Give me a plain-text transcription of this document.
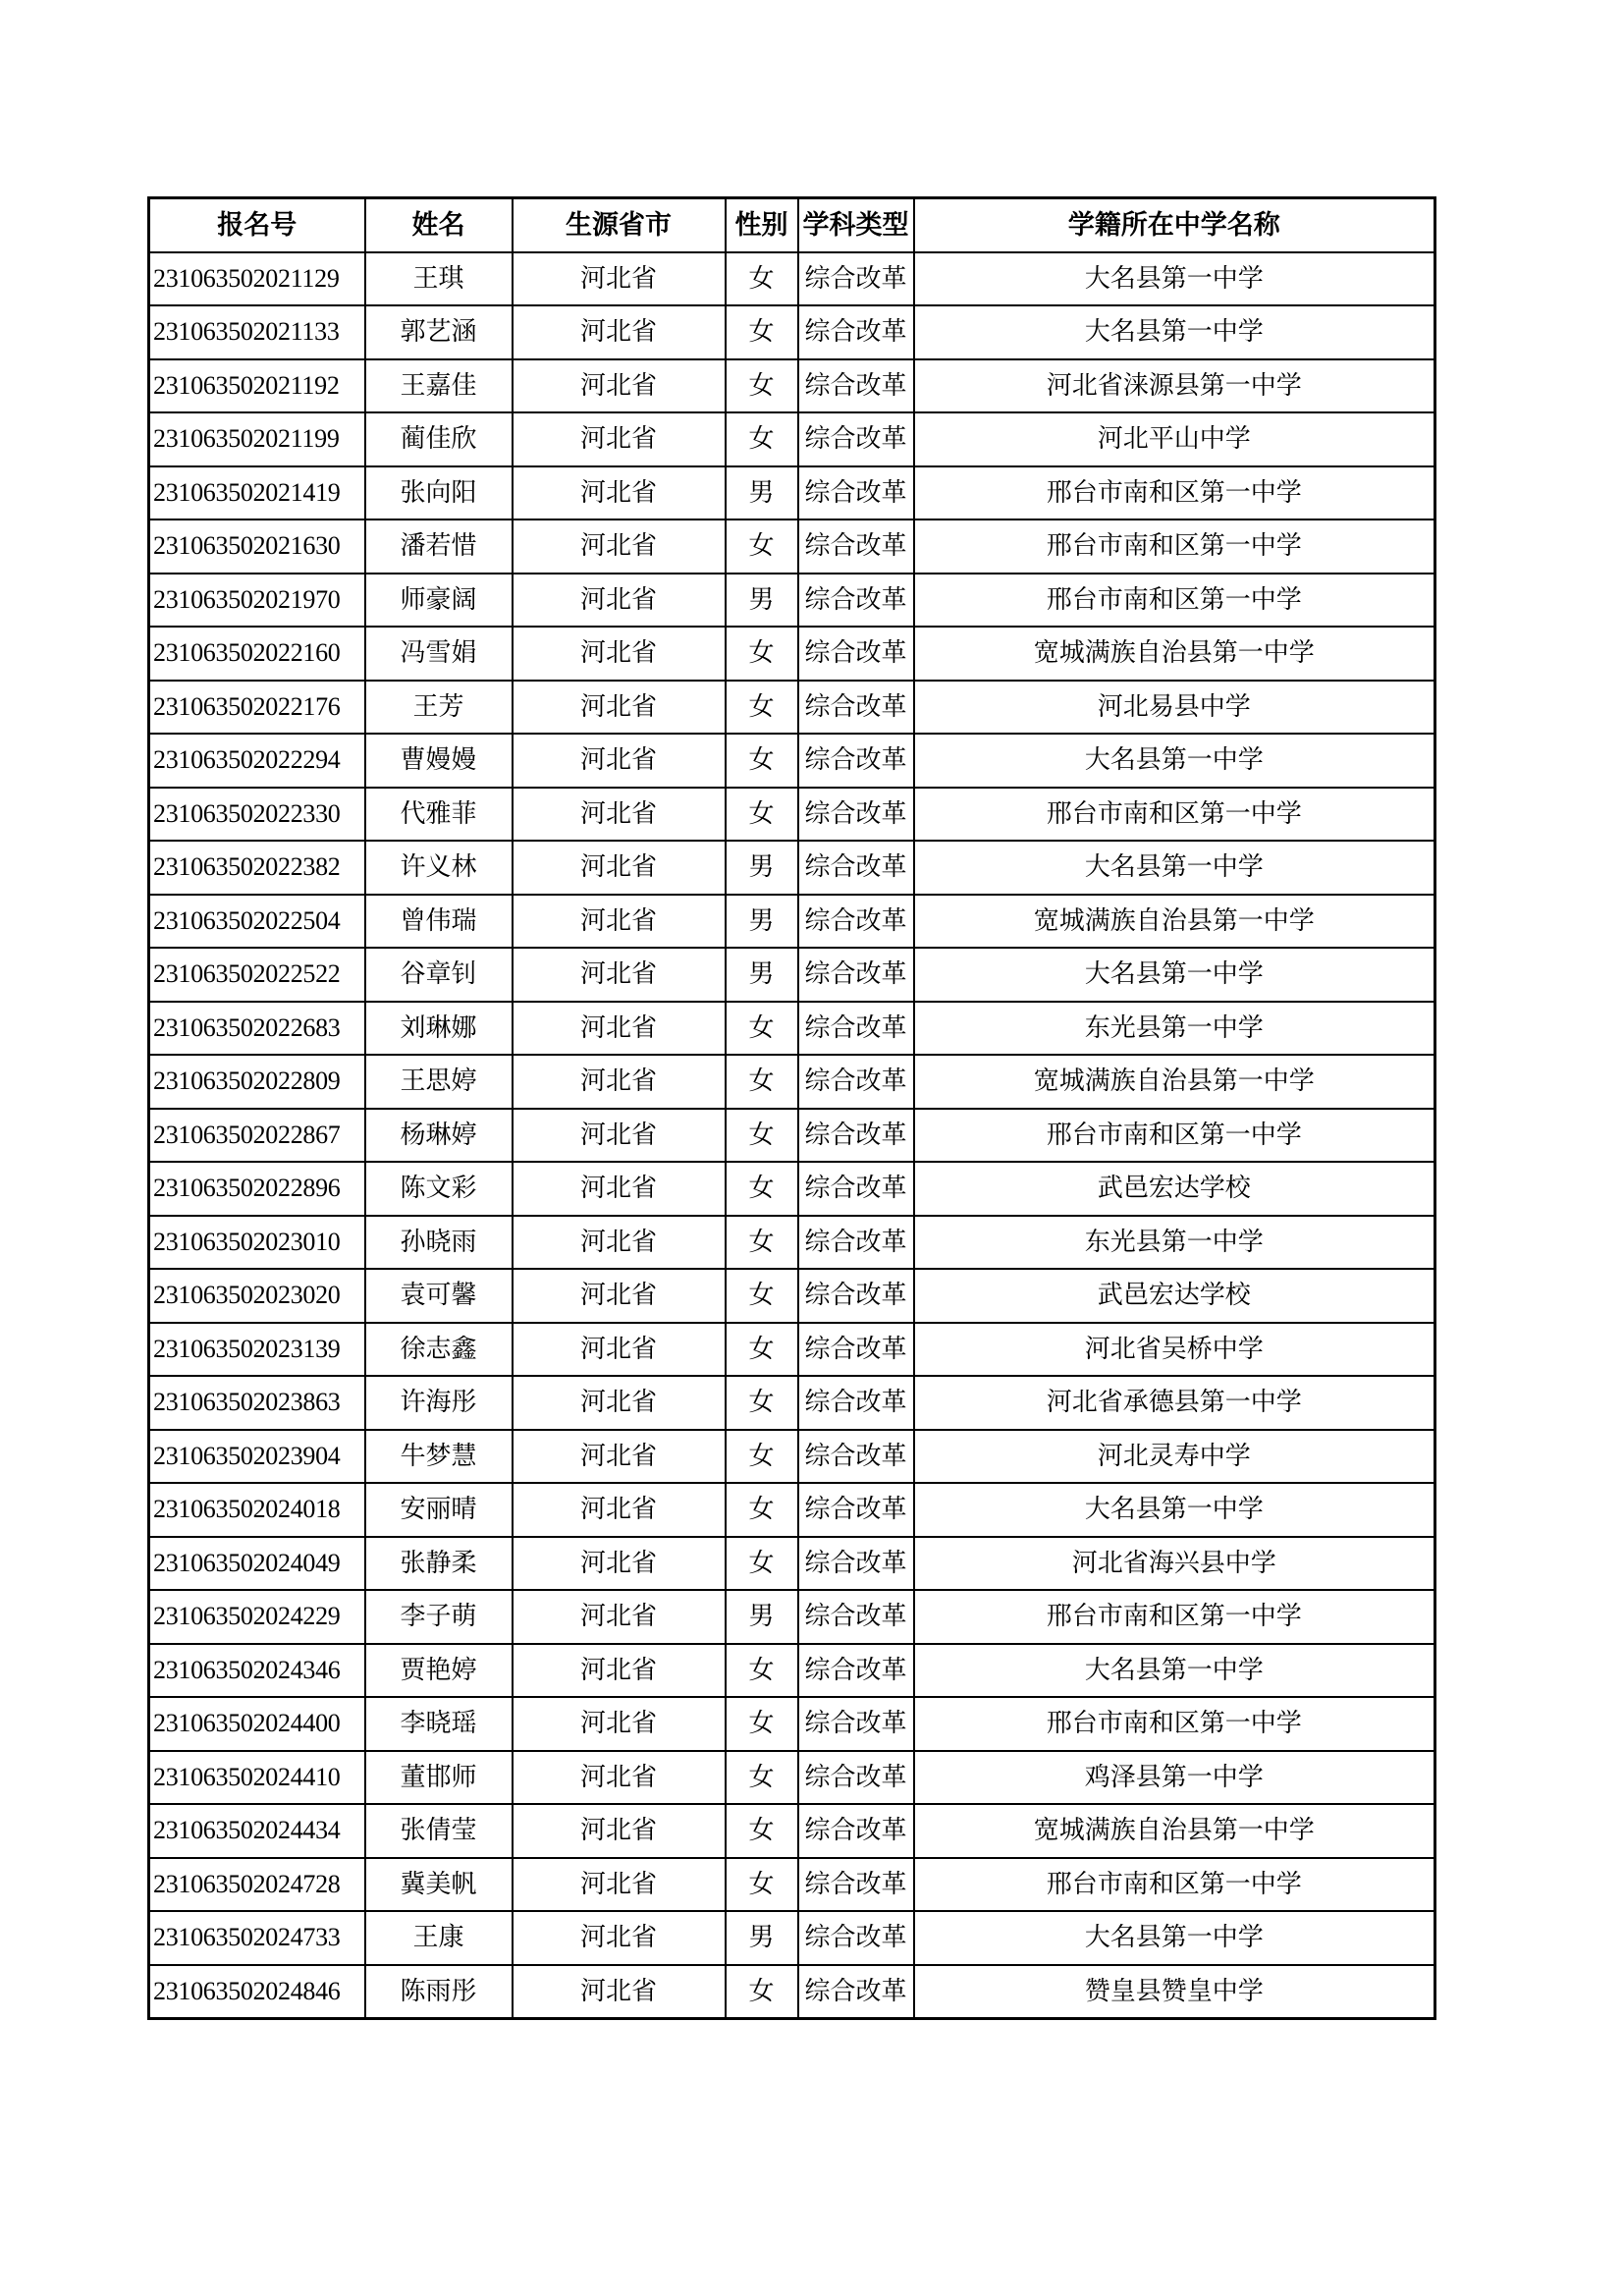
报名号	姓名	生源省市	性别	学科类型	学籍所在中学名称
231063502021129	王琪	河北省	女	综合改革	大名县第一中学
231063502021133	郭艺涵	河北省	女	综合改革	大名县第一中学
231063502021192	王嘉佳	河北省	女	综合改革	河北省涞源县第一中学
231063502021199	蔺佳欣	河北省	女	综合改革	河北平山中学
231063502021419	张向阳	河北省	男	综合改革	邢台市南和区第一中学
231063502021630	潘若惜	河北省	女	综合改革	邢台市南和区第一中学
231063502021970	师豪阔	河北省	男	综合改革	邢台市南和区第一中学
231063502022160	冯雪娟	河北省	女	综合改革	宽城满族自治县第一中学
231063502022176	王芳	河北省	女	综合改革	河北易县中学
231063502022294	曹嫚嫚	河北省	女	综合改革	大名县第一中学
231063502022330	代雅菲	河北省	女	综合改革	邢台市南和区第一中学
231063502022382	许义林	河北省	男	综合改革	大名县第一中学
231063502022504	曾伟瑞	河北省	男	综合改革	宽城满族自治县第一中学
231063502022522	谷章钊	河北省	男	综合改革	大名县第一中学
231063502022683	刘琳娜	河北省	女	综合改革	东光县第一中学
231063502022809	王思婷	河北省	女	综合改革	宽城满族自治县第一中学
231063502022867	杨琳婷	河北省	女	综合改革	邢台市南和区第一中学
231063502022896	陈文彩	河北省	女	综合改革	武邑宏达学校
231063502023010	孙晓雨	河北省	女	综合改革	东光县第一中学
231063502023020	袁可馨	河北省	女	综合改革	武邑宏达学校
231063502023139	徐志鑫	河北省	女	综合改革	河北省吴桥中学
231063502023863	许海彤	河北省	女	综合改革	河北省承德县第一中学
231063502023904	牛梦慧	河北省	女	综合改革	河北灵寿中学
231063502024018	安丽晴	河北省	女	综合改革	大名县第一中学
231063502024049	张静柔	河北省	女	综合改革	河北省海兴县中学
231063502024229	李子萌	河北省	男	综合改革	邢台市南和区第一中学
231063502024346	贾艳婷	河北省	女	综合改革	大名县第一中学
231063502024400	李晓瑶	河北省	女	综合改革	邢台市南和区第一中学
231063502024410	董邯师	河北省	女	综合改革	鸡泽县第一中学
231063502024434	张倩莹	河北省	女	综合改革	宽城满族自治县第一中学
231063502024728	冀美帆	河北省	女	综合改革	邢台市南和区第一中学
231063502024733	王康	河北省	男	综合改革	大名县第一中学
231063502024846	陈雨彤	河北省	女	综合改革	赞皇县赞皇中学
